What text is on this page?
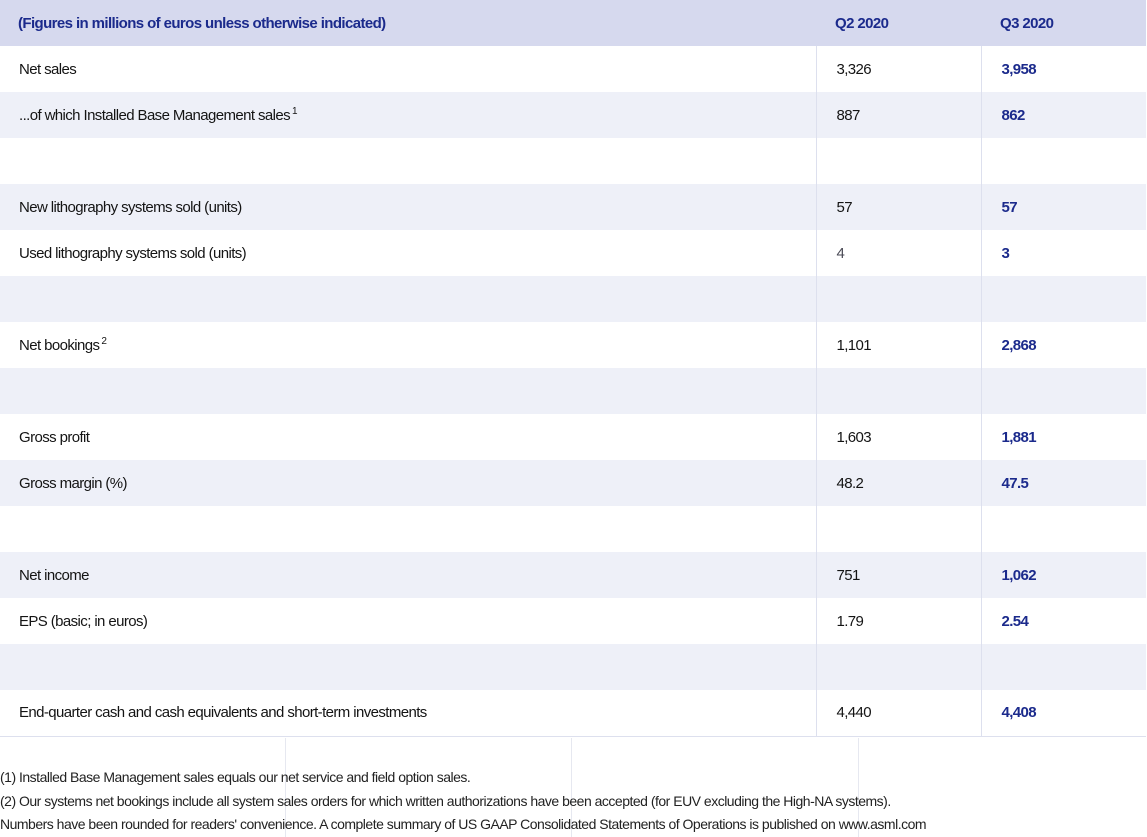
(Figures in millions of euros unless otherwise indicated)	Q2 2020	Q3 2020
Net sales	3,326	3,958
...of which Installed Base Management sales $^1$	887	862

New lithography systems sold (units)	57	57
Used lithography systems sold (units)	4	3

Net bookings $^2$	1,101	2,868

Gross profit	1,603	1,881
Gross margin (%)	48.2	47.5

Net income	751	1,062
EPS (basic; in euros)	1.79	2.54

End-quarter cash and cash equivalents and short-term investments	4,440	4,408
(1) Installed Base Management sales equals our net service and field option sales.
(2) Our systems net bookings include all system sales orders for which written authorizations have been accepted (for EUV excluding the High-NA systems).
Numbers have been rounded for readers' convenience. A complete summary of US GAAP Consolidated Statements of Operations is published on www.asml.com
